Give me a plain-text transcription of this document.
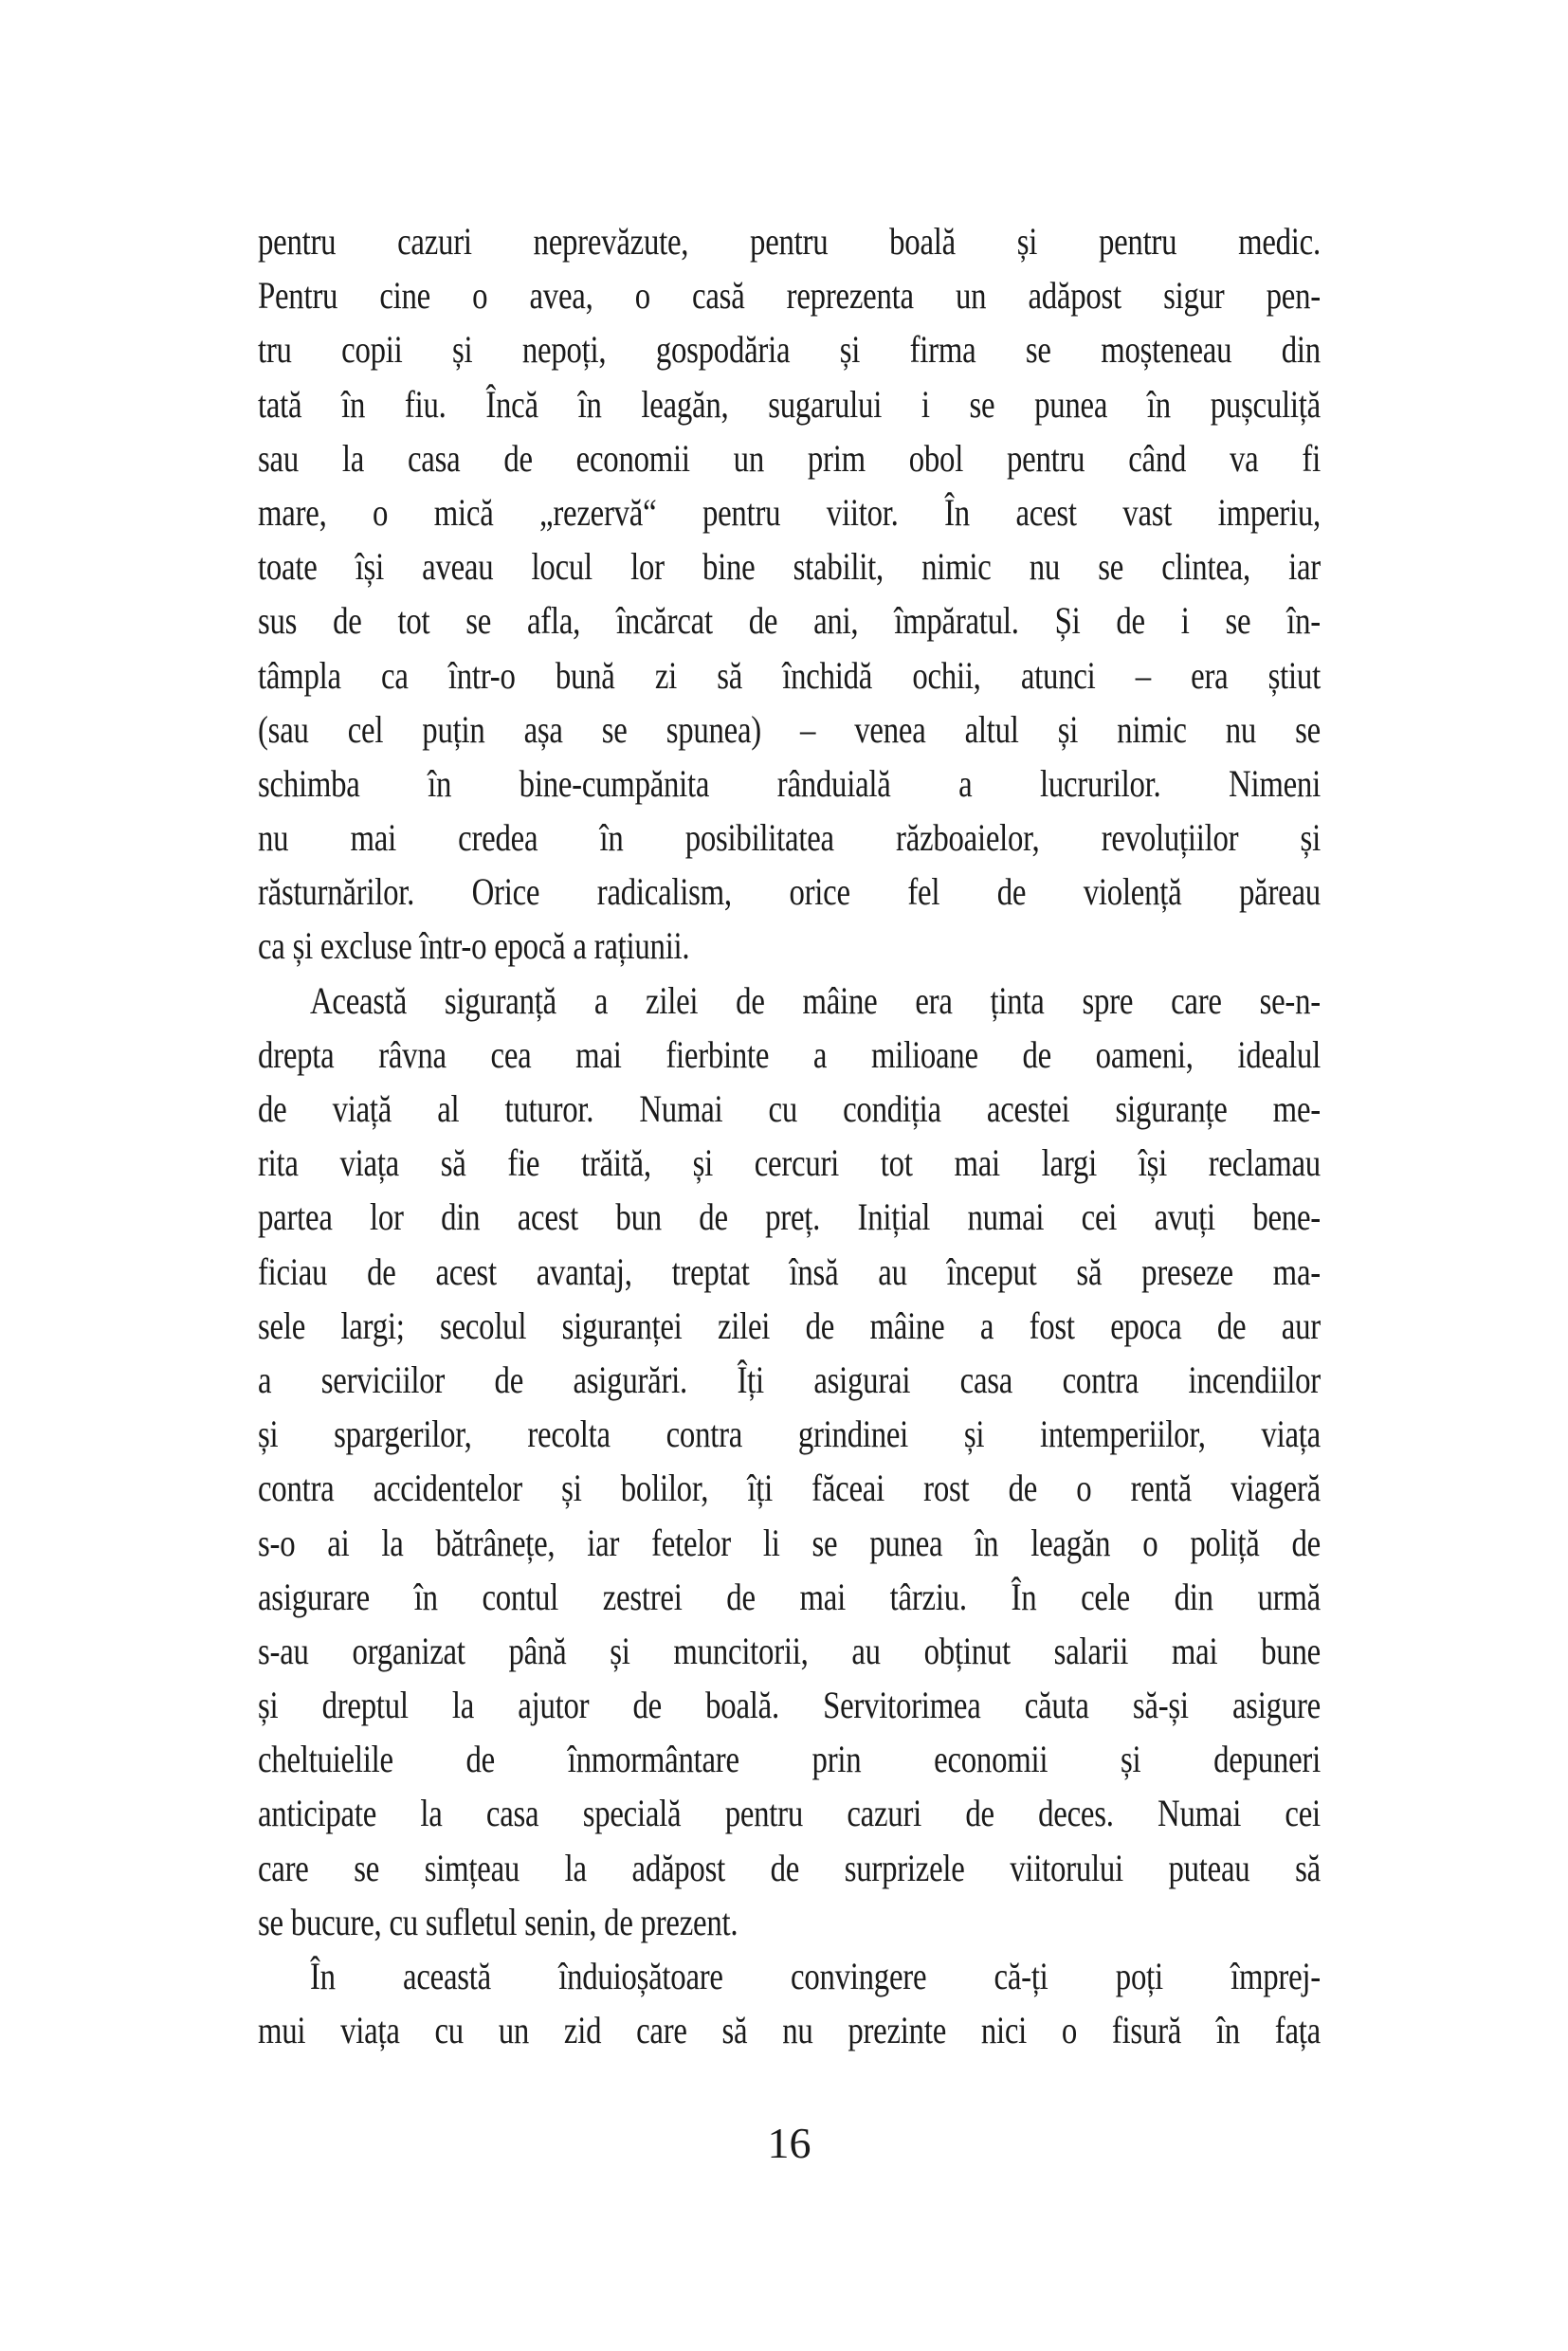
pentru cazuri neprevăzute, pentru boală și pentru medic.
Pentru cine o avea, o casă reprezenta un adăpost sigur pen-
tru copii și nepoți, gospodăria și firma se moșteneau din
tată în fiu. Încă în leagăn, sugarului i se punea în pușculiță
sau la casa de economii un prim obol pentru când va fi
mare, o mică „rezervă“ pentru viitor. În acest vast imperiu,
toate își aveau locul lor bine stabilit, nimic nu se clintea, iar
sus de tot se afla, încărcat de ani, împăratul. Și de i se în-
tâmpla ca într-o bună zi să închidă ochii, atunci – era știut
(sau cel puțin așa se spunea) – venea altul și nimic nu se
schimba în bine-cumpănita rânduială a lucrurilor. Nimeni
nu mai credea în posibilitatea războaielor, revoluțiilor și
răsturnărilor. Orice radicalism, orice fel de violență păreau
ca și excluse într-o epocă a rațiunii.
Această siguranță a zilei de mâine era ținta spre care se-n-
drepta râvna cea mai fierbinte a milioane de oameni, idealul
de viață al tuturor. Numai cu condiția acestei siguranțe me-
rita viața să fie trăită, și cercuri tot mai largi își reclamau
partea lor din acest bun de preț. Inițial numai cei avuți bene-
ficiau de acest avantaj, treptat însă au început să preseze ma-
sele largi; secolul siguranței zilei de mâine a fost epoca de aur
a serviciilor de asigurări. Îți asigurai casa contra incendiilor
și spargerilor, recolta contra grindinei și intemperiilor, viața
contra accidentelor și bolilor, îți făceai rost de o rentă viageră
s-o ai la bătrânețe, iar fetelor li se punea în leagăn o poliță de
asigurare în contul zestrei de mai târziu. În cele din urmă
s-au organizat până și muncitorii, au obținut salarii mai bune
și dreptul la ajutor de boală. Servitorimea căuta să-și asigure
cheltuielile de înmormântare prin economii și depuneri
anticipate la casa specială pentru cazuri de deces. Numai cei
care se simțeau la adăpost de surprizele viitorului puteau să
se bucure, cu sufletul senin, de prezent.
În această înduioșătoare convingere că-ți poți împrej-
mui viața cu un zid care să nu prezinte nici o fisură în fața
16
